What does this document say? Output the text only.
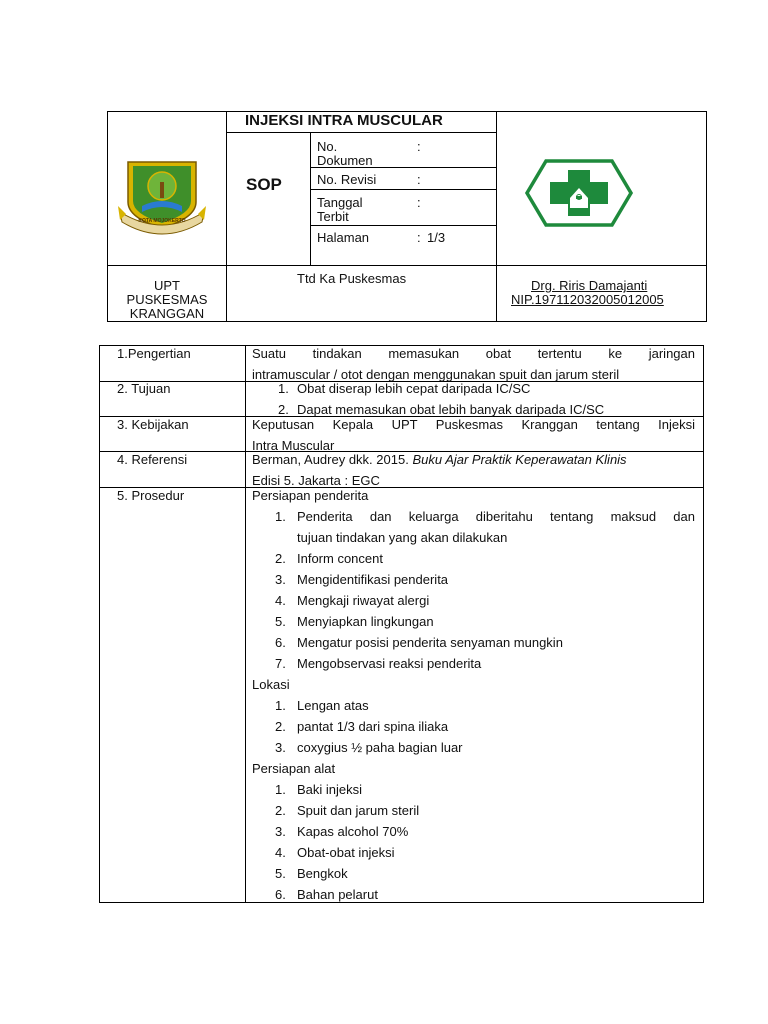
INJEKSI INTRA MUSCULAR
SOP
No.
Dokumen
:
No. Revisi	:
Tanggal
Terbit
:
Halaman	: 1/3
KOTA MOJOKERTO
UPT
PUSKESMAS
KRANGGAN
Ttd Ka Puskesmas	Drg. Riris Damajanti
NIP.197112032005012005
1.Pengertian	Suatu tindakan memasukan obat tertentu ke jaringan
intramuscular / otot dengan menggunakan spuit dan jarum steril
2. Tujuan	1. Obat diserap lebih cepat daripada IC/SC
2. Dapat memasukan obat lebih banyak daripada IC/SC
3. Kebijakan	Keputusan Kepala UPT Puskesmas Kranggan tentang Injeksi
Intra Muscular
4. Referensi	Berman, Audrey dkk. 2015. Buku Ajar Praktik Keperawatan Klinis
Edisi 5. Jakarta : EGC
5. Prosedur	Persiapan penderita
1. Penderita dan keluarga diberitahu tentang maksud dan
tujuan tindakan yang akan dilakukan
2. Inform concent
3. Mengidentifikasi penderita
4. Mengkaji riwayat alergi
5. Menyiapkan lingkungan
6. Mengatur posisi penderita senyaman mungkin
7. Mengobservasi reaksi penderita
Lokasi
1. Lengan atas
2. pantat 1/3 dari spina iliaka
3. coxygius ½ paha bagian luar
Persiapan alat
1. Baki injeksi
2. Spuit dan jarum steril
3. Kapas alcohol 70%
4. Obat-obat injeksi
5. Bengkok
6. Bahan pelarut
